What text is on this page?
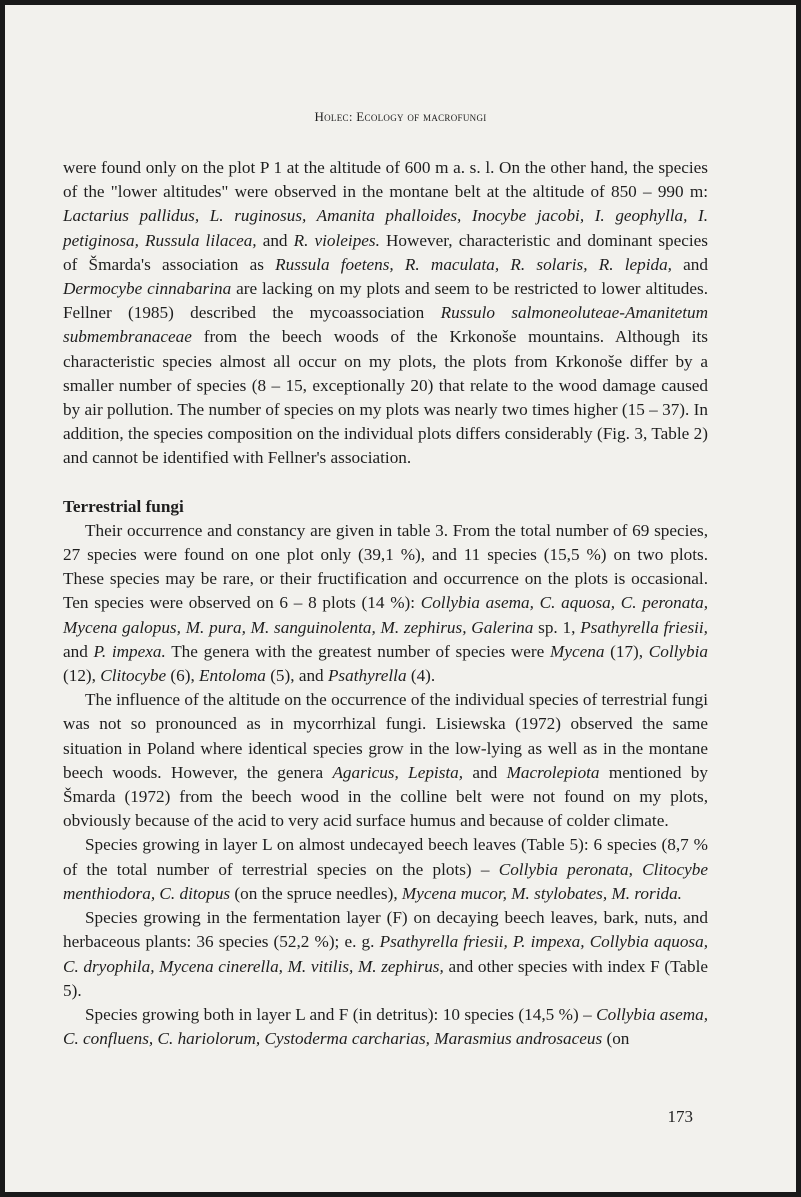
Holec: Ecology of macrofungi

were found only on the plot P 1 at the altitude of 600 m a. s. l. On the other hand, the species of the "lower altitudes" were observed in the montane belt at the altitude of 850 – 990 m: Lactarius pallidus, L. ruginosus, Amanita phalloides, Inocybe jacobi, I. geophylla, I. petiginosa, Russula lilacea, and R. violeipes. However, characteristic and dominant species of Šmarda's association as Russula foetens, R. maculata, R. solaris, R. lepida, and Dermocybe cinnabarina are lacking on my plots and seem to be restricted to lower altitudes. Fellner (1985) described the mycoassociation Russulo salmoneoluteae-Amanitetum submembranaceae from the beech woods of the Krkonoše mountains. Although its characteristic species almost all occur on my plots, the plots from Krkonoše differ by a smaller number of species (8 – 15, exceptionally 20) that relate to the wood damage caused by air pollution. The number of species on my plots was nearly two times higher (15 – 37). In addition, the species composition on the individual plots differs considerably (Fig. 3, Table 2) and cannot be identified with Fellner's association.

Terrestrial fungi

Their occurrence and constancy are given in table 3. From the total number of 69 species, 27 species were found on one plot only (39,1 %), and 11 species (15,5 %) on two plots. These species may be rare, or their fructification and occurrence on the plots is occasional. Ten species were observed on 6 – 8 plots (14 %): Collybia asema, C. aquosa, C. peronata, Mycena galopus, M. pura, M. sanguinolenta, M. zephirus, Galerina sp. 1, Psathyrella friesii, and P. impexa. The genera with the greatest number of species were Mycena (17), Collybia (12), Clitocybe (6), Entoloma (5), and Psathyrella (4).

The influence of the altitude on the occurrence of the individual species of terrestrial fungi was not so pronounced as in mycorrhizal fungi. Lisiewska (1972) observed the same situation in Poland where identical species grow in the low-lying as well as in the montane beech woods. However, the genera Agaricus, Lepista, and Macrolepiota mentioned by Šmarda (1972) from the beech wood in the colline belt were not found on my plots, obviously because of the acid to very acid surface humus and because of colder climate.

Species growing in layer L on almost undecayed beech leaves (Table 5): 6 species (8,7 % of the total number of terrestrial species on the plots) – Collybia peronata, Clitocybe menthiodora, C. ditopus (on the spruce needles), Mycena mucor, M. stylobates, M. rorida.

Species growing in the fermentation layer (F) on decaying beech leaves, bark, nuts, and herbaceous plants: 36 species (52,2 %); e. g. Psathyrella friesii, P. impexa, Collybia aquosa, C. dryophila, Mycena cinerella, M. vitilis, M. zephirus, and other species with index F (Table 5).

Species growing both in layer L and F (in detritus): 10 species (14,5 %) – Collybia asema, C. confluens, C. hariolorum, Cystoderma carcharias, Marasmius androsaceus (on

173
